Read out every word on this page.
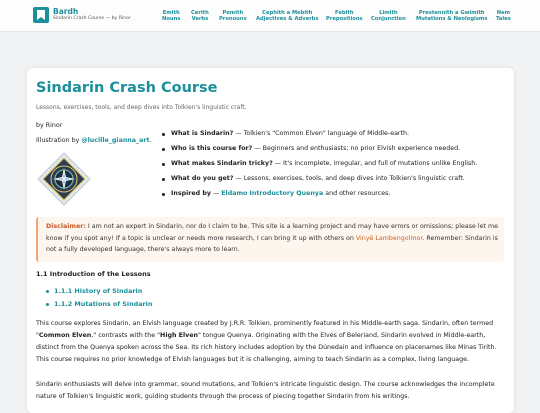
Bardh
Sindarin Crash Course — by Rinor
Emith
Nouns
Cerith
Verbs
Pemith
Pronouns
Cephith a Mebith
Adjectives & Adverbs
Febith
Prepositions
Limith
Conjunction
Prestennith a Gwimith
Mutations & Neologisms
Nem
Tales
Sindarin Crash Course
Lessons, exercises, tools, and deep dives into Tolkien's linguistic craft.
by Rinor
Illustration by @lucille_gianna_art.
What is Sindarin? — Tolkien's "Common Elven" language of Middle-earth.
Who is this course for? — Beginners and enthusiasts; no prior Elvish experience needed.
What makes Sindarin tricky? — It's incomplete, irregular, and full of mutations unlike English.
What do you get? — Lessons, exercises, tools, and deep dives into Tolkien's linguistic craft.
Inspired by — Eldamo Introductory Quenya and other resources.
Disclaimer: I am not an expert in Sindarin, nor do I claim to be. This site is a learning project and may have errors or omissions; please let me know if you spot any! If a topic is unclear or needs more research, I can bring it up with others on Vinyë Lambengolmor. Remember: Sindarin is not a fully developed language, there's always more to learn.
1.1 Introduction of the Lessons
1.1.1 History of Sindarin
1.1.2 Mutations of Sindarin
This course explores Sindarin, an Elvish language created by J.R.R. Tolkien, prominently featured in his Middle-earth saga. Sindarin, often termed "Common Elven," contrasts with the "High Elven" tongue Quenya. Originating with the Elves of Beleriand, Sindarin evolved in Middle-earth, distinct from the Quenya spoken across the Sea. Its rich history includes adoption by the Dúnedain and influence on placenames like Minas Tirith. This course requires no prior knowledge of Elvish languages but it is challenging, aiming to teach Sindarin as a complex, living language.
Sindarin enthusiasts will delve into grammar, sound mutations, and Tolkien's intricate linguistic design. The course acknowledges the incomplete nature of Tolkien's linguistic work, guiding students through the process of piecing together Sindarin from his writings.
